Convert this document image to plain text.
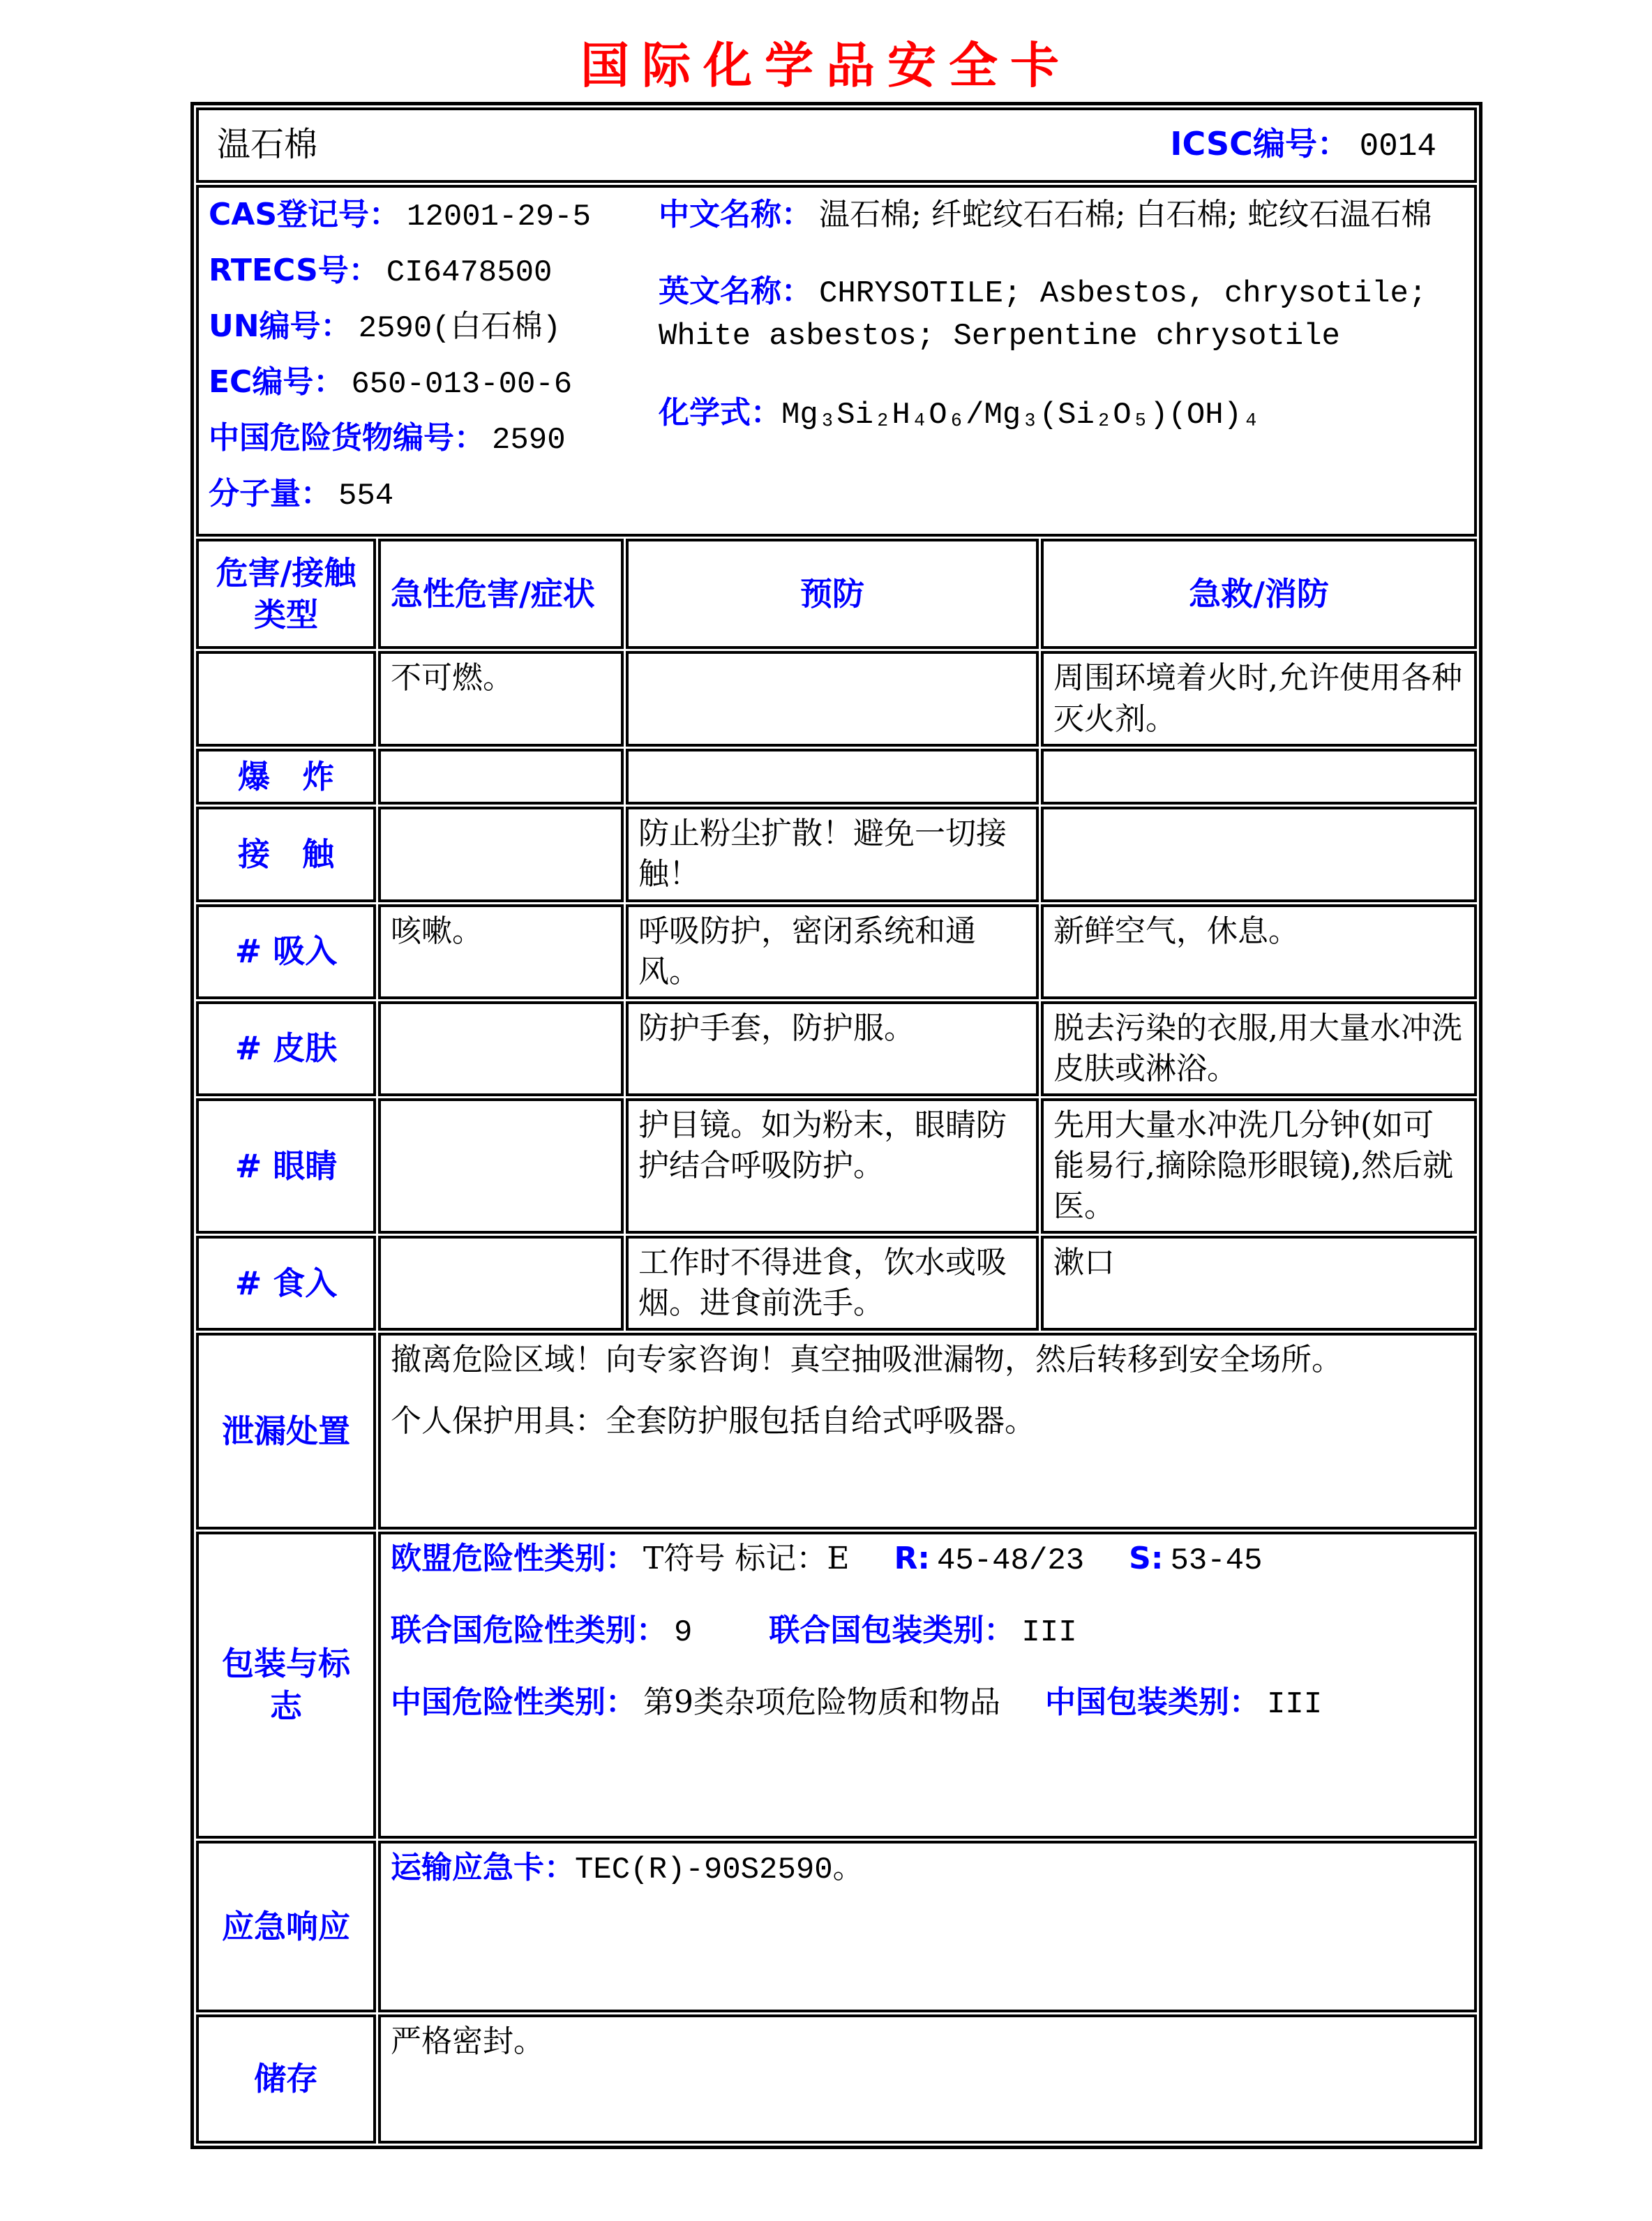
国际化学品安全卡
温石棉 ICSC编号： 0014			

CAS登记号： 12001-29-5
RTECS号： CI6478500
UN编号： 2590(白石棉)
EC编号： 650-013-00-6
中国危险货物编号： 2590
分子量： 554
中文名称： 温石棉; 纤蛇纹石石棉; 白石棉; 蛇纹石温石棉
英文名称： CHRYSOTILE; Asbestos, chrysotile; White asbestos; Serpentine chrysotile
化学式：Mg₃Si₂H₄O₆/Mg₃(Si₂O₅)(OH)₄

危害/接触类型	急性危害/症状	预防	急救/消防
	不可燃。		周围环境着火时,允许使用各种灭火剂。
爆　炸			
接　触		防止粉尘扩散！避免一切接触！	
# 吸入	咳嗽。	呼吸防护，密闭系统和通风。	新鲜空气，休息。
# 皮肤		防护手套，防护服。	脱去污染的衣服,用大量水冲洗皮肤或淋浴。
# 眼睛		护目镜。如为粉末，眼睛防护结合呼吸防护。	先用大量水冲洗几分钟(如可能易行,摘除隐形眼镜),然后就医。
# 食入		工作时不得进食，饮水或吸烟。进食前洗手。	漱口
泄漏处置	撤离危险区域！向专家咨询！真空抽吸泄漏物，然后转移到安全场所。
个人保护用具：全套防护服包括自给式呼吸器。		

包装与标志	欧盟危险性类别： T符号 标记：E R: 45-48/23 S: 53-45
联合国危险性类别： 9 联合国包装类别： III
中国危险性类别： 第9类杂项危险物质和物品 中国包装类别： III		

应急响应	运输应急卡：TEC(R)-90S2590。		
储存	严格密封。		
